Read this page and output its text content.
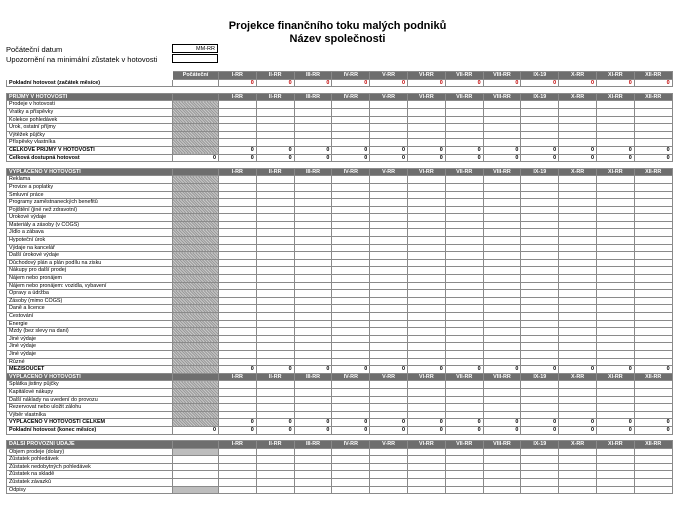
Projekce finančního toku malých podniků
Název společnosti
Počáteční datum	MM-RR
Upozornění na minimální zůstatek v hotovosti
	Počáteční	I-RR	II-RR	III-RR	IV-RR	V-RR	VI-RR	VII-RR	VIII-RR	IX-19	X-RR	XI-RR	XII-RR
Pokladní hotovost (začátek měsíce)		0	0	0	0	0	0	0	0	0	0	0	0

PŘÍJMY V HOTOVOSTI		I-RR	II-RR	III-RR	IV-RR	V-RR	VI-RR	VII-RR	VIII-RR	IX-19	X-RR	XI-RR	XII-RR
Prodeje v hotovosti													
Vratky a příspěvky													
Kolekce pohledávek													
Úrok, ostatní příjmy													
Výtěžek půjčky													
Příspěvky vlastníka													
CELKOVÉ PŘÍJMY V HOTOVOSTI		0	0	0	0	0	0	0	0	0	0	0	0
Celková dostupná hotovost	0	0	0	0	0	0	0	0	0	0	0	0	0

VYPLACENO V HOTOVOSTI		I-RR	II-RR	III-RR	IV-RR	V-RR	VI-RR	VII-RR	VIII-RR	IX-19	X-RR	XI-RR	XII-RR
Reklama													
Provize a poplatky													
Smluvní práce													
Programy zaměstnaneckých benefitů													
Pojištění (jiné než zdravotní)													
Úrokové výdaje													
Materiály a zásoby (v COGS)													
Jídlo a zábava													
Hypoteční úrok													
Výdaje na kancelář													
Další úrokové výdaje													
Důchodový plán a plán podílu na zisku													
Nákupy pro další prodej													
Nájem nebo pronájem													
Nájem nebo pronájem: vozidla, vybavení													
Opravy a údržba													
Zásoby (mimo COGS)													
Daně a licence													
Cestování													
Energie													
Mzdy (bez slevy na dani)													
Jiné výdaje													
Jiné výdaje													
Jiné výdaje													
Různé													
MEZISOUČET		0	0	0	0	0	0	0	0	0	0	0	0
VYPLACENO V HOTOVOSTI		I-RR	II-RR	III-RR	IV-RR	V-RR	VI-RR	VII-RR	VIII-RR	IX-19	X-RR	XI-RR	XII-RR
Splátka jistiny půjčky													
Kapitálové nákupy													
Další náklady na uvedení do provozu													
Rezervovat nebo uložit zálohu													
Výběr vlastníka													
VYPLACENO V HOTOVOSTI CELKEM		0	0	0	0	0	0	0	0	0	0	0	0
Pokladní hotovost (konec měsíce)	0	0	0	0	0	0	0	0	0	0	0	0	0

DALŠÍ PROVOZNÍ ÚDAJE		I-RR	II-RR	III-RR	IV-RR	V-RR	VI-RR	VII-RR	VIII-RR	IX-19	X-RR	XI-RR	XII-RR
Objem prodeje (dolary)													
Zůstatek pohledávek													
Zůstatek nedobytných pohledávek													
Zůstatek na skladě													
Zůstatek závazků													
Odpisy													
